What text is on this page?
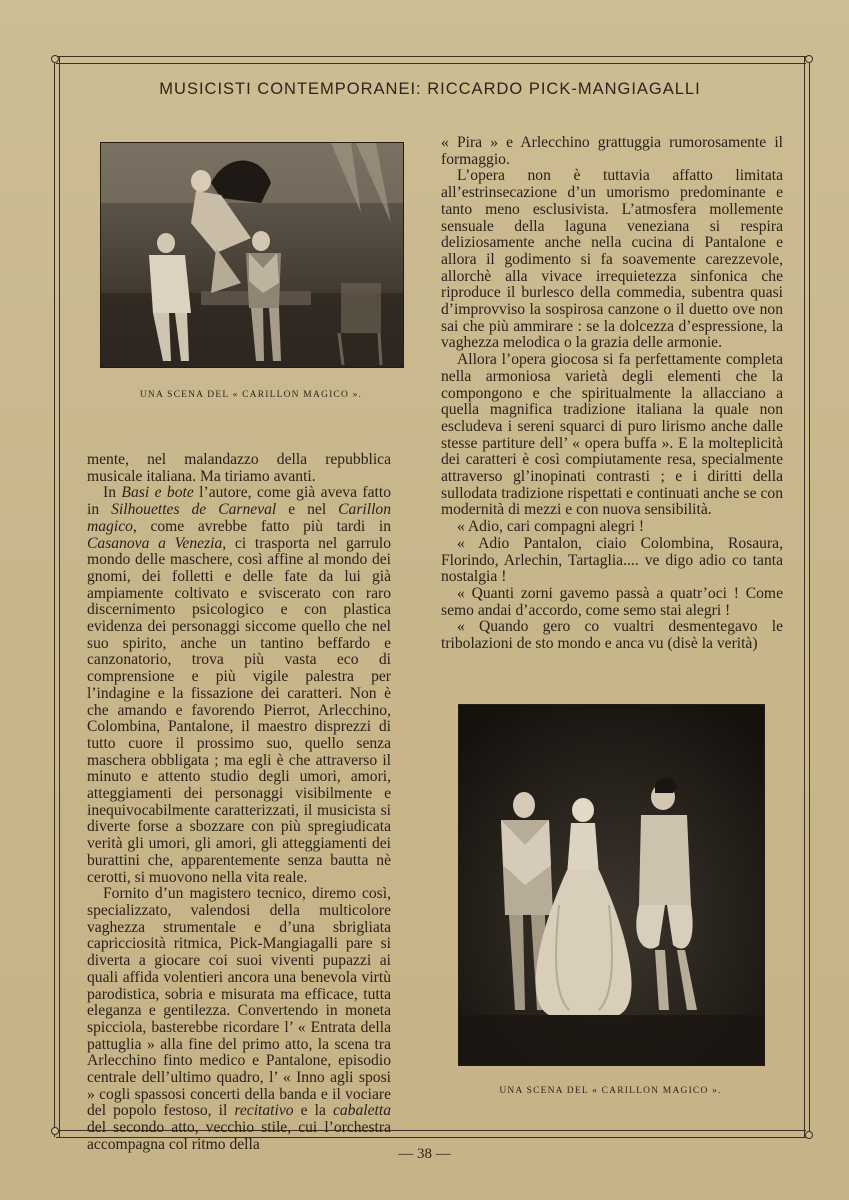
MUSICISTI CONTEMPORANEI: RICCARDO PICK-MANGIAGALLI
UNA SCENA DEL « CARILLON MAGICO ».

mente, nel malandazzo della repubblica musicale italiana. Ma tiriamo avanti.

In Basi e bote l’autore, come già aveva fatto in Silhouettes de Carneval e nel Carillon magico, come avrebbe fatto più tardi in Casanova a Venezia, ci trasporta nel garrulo mondo delle maschere, così affine al mondo dei gnomi, dei folletti e delle fate da lui già ampiamente coltivato e sviscerato con raro discernimento psicologico e con plastica evidenza dei personaggi siccome quello che nel suo spirito, anche un tantino beffardo e canzonatorio, trova più vasta eco di comprensione e più vigile palestra per l’indagine e la fissazione dei caratteri. Non è che amando e favorendo Pierrot, Arlecchino, Colombina, Pantalone, il maestro disprezzi di tutto cuore il prossimo suo, quello senza maschera obbligata ; ma egli è che attraverso il minuto e attento studio degli umori, amori, atteggiamenti dei personaggi visibilmente e inequivocabilmente caratterizzati, il musicista si diverte forse a sbozzare con più spregiudicata verità gli umori, gli amori, gli atteggiamenti dei burattini che, apparentemente senza bautta nè cerotti, si muovono nella vita reale.

Fornito d’un magistero tecnico, diremo così, specializzato, valendosi della multicolore vaghezza strumentale e d’una sbrigliata capricciosità ritmica, Pick-Mangiagalli pare si diverta a giocare coi suoi viventi pupazzi ai quali affida volentieri ancora una benevola virtù parodistica, sobria e misurata ma efficace, tutta eleganza e gentilezza. Convertendo in moneta spicciola, basterebbe ricordare l’ « Entrata della pattuglia » alla fine del primo atto, la scena tra Arlecchino finto medico e Pantalone, episodio centrale dell’ultimo quadro, l’ « Inno agli sposi » cogli spassosi concerti della banda e il vociare del popolo festoso, il recitativo e la cabaletta del secondo atto, vecchio stile, cui l’orchestra accompagna col ritmo della

« Pira » e Arlecchino grattuggia rumorosamente il formaggio.

L’opera non è tuttavia affatto limitata all’estrinsecazione d’un umorismo predominante e tanto meno esclusivista. L’atmosfera mollemente sensuale della laguna veneziana si respira deliziosamente anche nella cucina di Pantalone e allora il godimento si fa soavemente carezzevole, allorchè alla vivace irrequietezza sinfonica che riproduce il burlesco della commedia, subentra quasi d’improvviso la sospirosa canzone o il duetto ove non sai che più ammirare : se la dolcezza d’espressione, la vaghezza melodica o la grazia delle armonie.

Allora l’opera giocosa si fa perfettamente completa nella armoniosa varietà degli elementi che la compongono e che spiritualmente la allacciano a quella magnifica tradizione italiana la quale non escludeva i sereni squarci di puro lirismo anche dalle stesse partiture dell’ « opera buffa ». E la molteplicità dei caratteri è così compiutamente resa, specialmente attraverso gl’inopinati contrasti ; e i diritti della sullodata tradizione rispettati e continuati anche se con modernità di mezzi e con nuova sensibilità.

« Adio, cari compagni alegri !

« Adio Pantalon, ciaio Colombina, Rosaura, Florindo, Arlechin, Tartaglia.... ve digo adio co tanta nostalgia !

« Quanti zorni gavemo passà a quatr’oci ! Come semo andai d’accordo, come semo stai alegri !

« Quando gero co vualtri desmentegavo le tribolazioni de sto mondo e anca vu (disè la verità)

UNA SCENA DEL « CARILLON MAGICO ».
— 38 —
